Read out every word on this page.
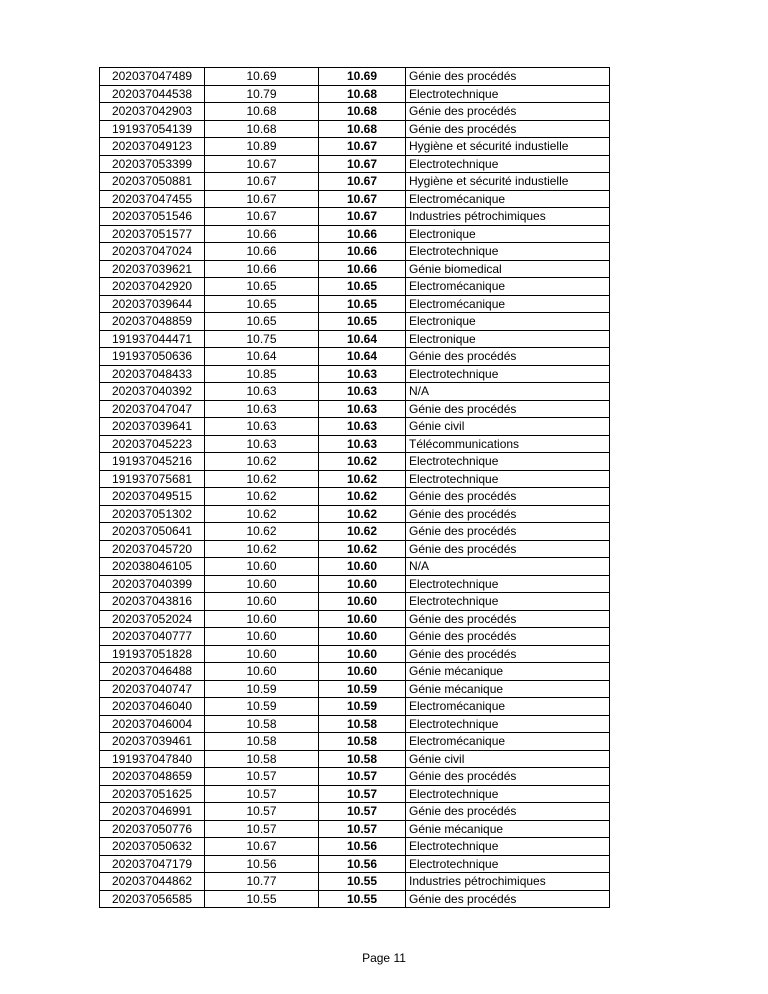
202037047489	10.69	10.69	Génie des procédés
202037044538	10.79	10.68	Electrotechnique
202037042903	10.68	10.68	Génie des procédés
191937054139	10.68	10.68	Génie des procédés
202037049123	10.89	10.67	Hygiène et sécurité industielle
202037053399	10.67	10.67	Electrotechnique
202037050881	10.67	10.67	Hygiène et sécurité industielle
202037047455	10.67	10.67	Electromécanique
202037051546	10.67	10.67	Industries pétrochimiques
202037051577	10.66	10.66	Electronique
202037047024	10.66	10.66	Electrotechnique
202037039621	10.66	10.66	Génie biomedical
202037042920	10.65	10.65	Electromécanique
202037039644	10.65	10.65	Electromécanique
202037048859	10.65	10.65	Electronique
191937044471	10.75	10.64	Electronique
191937050636	10.64	10.64	Génie des procédés
202037048433	10.85	10.63	Electrotechnique
202037040392	10.63	10.63	N/A
202037047047	10.63	10.63	Génie des procédés
202037039641	10.63	10.63	Génie civil
202037045223	10.63	10.63	Télécommunications
191937045216	10.62	10.62	Electrotechnique
191937075681	10.62	10.62	Electrotechnique
202037049515	10.62	10.62	Génie des procédés
202037051302	10.62	10.62	Génie des procédés
202037050641	10.62	10.62	Génie des procédés
202037045720	10.62	10.62	Génie des procédés
202038046105	10.60	10.60	N/A
202037040399	10.60	10.60	Electrotechnique
202037043816	10.60	10.60	Electrotechnique
202037052024	10.60	10.60	Génie des procédés
202037040777	10.60	10.60	Génie des procédés
191937051828	10.60	10.60	Génie des procédés
202037046488	10.60	10.60	Génie mécanique
202037040747	10.59	10.59	Génie mécanique
202037046040	10.59	10.59	Electromécanique
202037046004	10.58	10.58	Electrotechnique
202037039461	10.58	10.58	Electromécanique
191937047840	10.58	10.58	Génie civil
202037048659	10.57	10.57	Génie des procédés
202037051625	10.57	10.57	Electrotechnique
202037046991	10.57	10.57	Génie des procédés
202037050776	10.57	10.57	Génie mécanique
202037050632	10.67	10.56	Electrotechnique
202037047179	10.56	10.56	Electrotechnique
202037044862	10.77	10.55	Industries pétrochimiques
202037056585	10.55	10.55	Génie des procédés
Page 11
